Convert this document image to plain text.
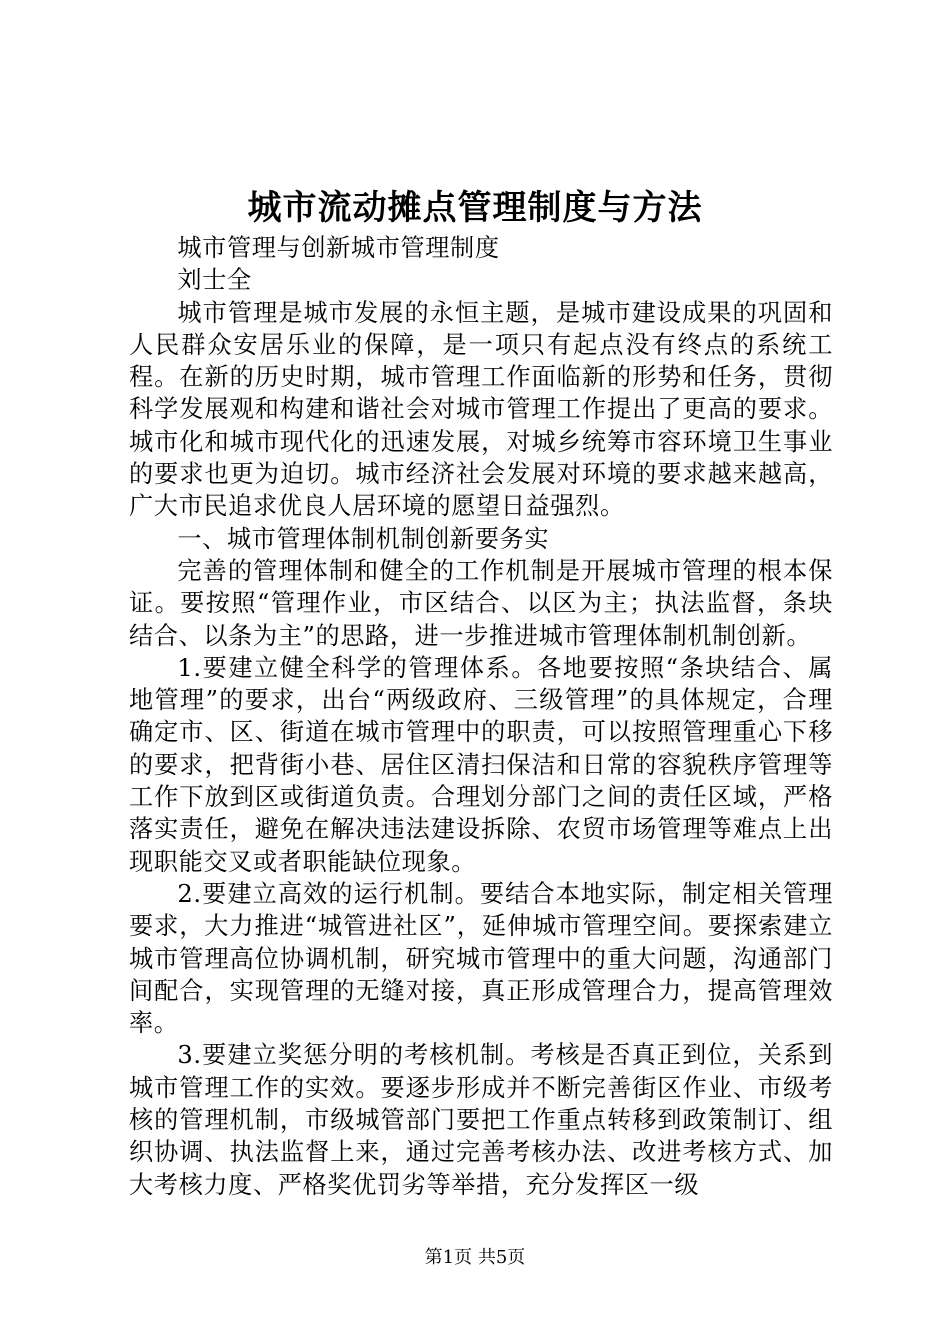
城市流动摊点管理制度与方法

城市管理与创新城市管理制度

刘士全

城市管理是城市发展的永恒主题，是城市建设成果的巩固和人民群众安居乐业的保障，是一项只有起点没有终点的系统工程。在新的历史时期，城市管理工作面临新的形势和任务，贯彻科学发展观和构建和谐社会对城市管理工作提出了更高的要求。城市化和城市现代化的迅速发展，对城乡统筹市容环境卫生事业的要求也更为迫切。城市经济社会发展对环境的要求越来越高，广大市民追求优良人居环境的愿望日益强烈。

一、城市管理体制机制创新要务实

完善的管理体制和健全的工作机制是开展城市管理的根本保证。要按照“管理作业，市区结合、以区为主；执法监督，条块结合、以条为主”的思路，进一步推进城市管理体制机制创新。

1.要建立健全科学的管理体系。各地要按照“条块结合、属地管理”的要求，出台“两级政府、三级管理”的具体规定，合理确定市、区、街道在城市管理中的职责，可以按照管理重心下移的要求，把背街小巷、居住区清扫保洁和日常的容貌秩序管理等工作下放到区或街道负责。合理划分部门之间的责任区域，严格落实责任，避免在解决违法建设拆除、农贸市场管理等难点上出现职能交叉或者职能缺位现象。

2.要建立高效的运行机制。要结合本地实际，制定相关管理要求，大力推进“城管进社区”，延伸城市管理空间。要探索建立城市管理高位协调机制，研究城市管理中的重大问题，沟通部门间配合，实现管理的无缝对接，真正形成管理合力，提高管理效率。

3.要建立奖惩分明的考核机制。考核是否真正到位，关系到城市管理工作的实效。要逐步形成并不断完善街区作业、市级考核的管理机制，市级城管部门要把工作重点转移到政策制订、组织协调、执法监督上来，通过完善考核办法、改进考核方式、加大考核力度、严格奖优罚劣等举措，充分发挥区一级

第1页 共5页
